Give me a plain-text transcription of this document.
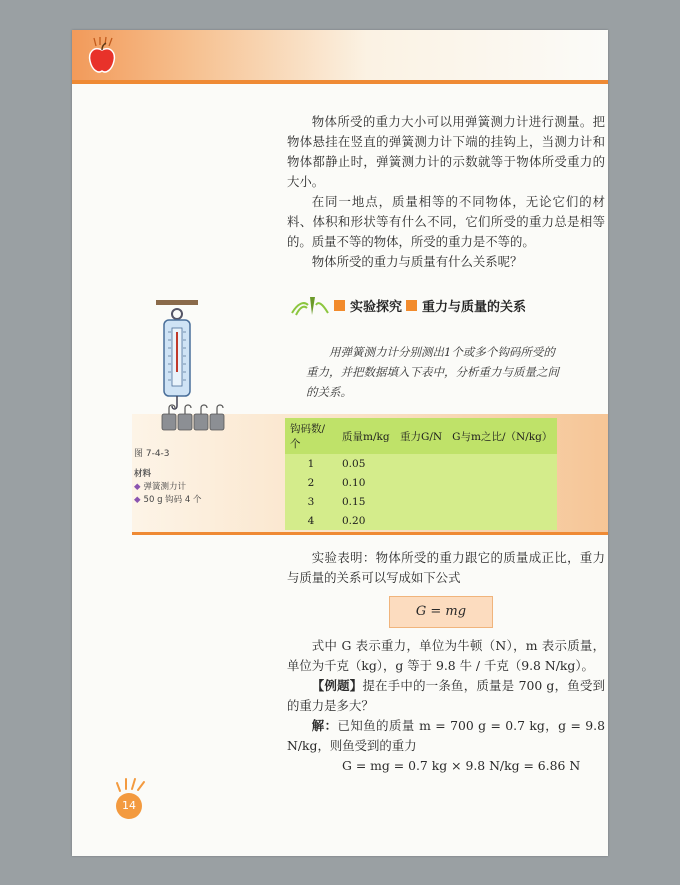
物体所受的重力大小可以用弹簧测力计进行测量。把物体悬挂在竖直的弹簧测力计下端的挂钩上，当测力计和物体都静止时，弹簧测力计的示数就等于物体所受重力的大小。

在同一地点，质量相等的不同物体，无论它们的材料、体积和形状等有什么不同，它们所受的重力总是相等的。质量不等的物体，所受的重力是不等的。

物体所受的重力与质量有什么关系呢？

实验探究 重力与质量的关系

用弹簧测力计分别测出1个或多个钩码所受的重力，并把数据填入下表中，分析重力与质量之间的关系。

钩码数/个	质量m/kg	重力G/N	G与m之比/（N/kg）
1	0.05		
2	0.10		
3	0.15		
4	0.20		
图 7-4-3
材料
◆ 弹簧测力计
◆ 50 g 钩码 4 个

实验表明：物体所受的重力跟它的质量成正比，重力与质量的关系可以写成如下公式

G = mg

式中 G 表示重力，单位为牛顿（N），m 表示质量，单位为千克（kg），g 等于 9.8 牛 / 千克（9.8 N/kg）。

【例题】提在手中的一条鱼，质量是 700 g，鱼受到的重力是多大？

解：已知鱼的质量 m = 700 g = 0.7 kg，g = 9.8 N/kg，则鱼受到的重力

G = mg = 0.7 kg × 9.8 N/kg = 6.86 N
14
